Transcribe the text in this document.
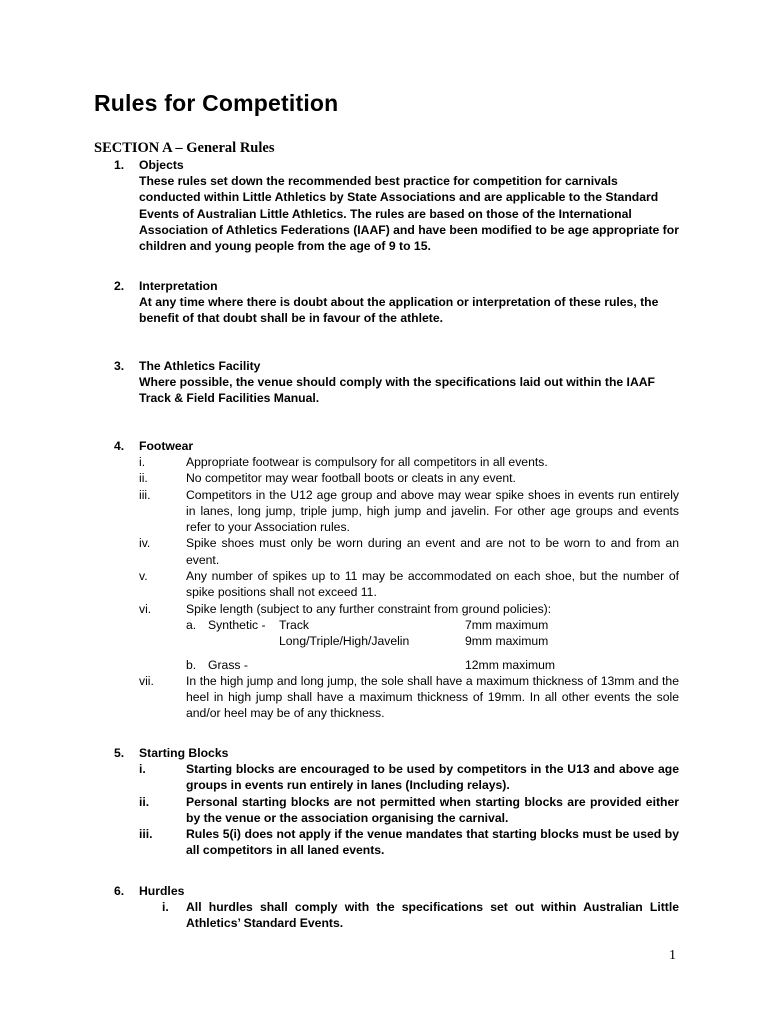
Rules for Competition
SECTION A – General Rules
1.	Objects
These rules set down the recommended best practice for competition for carnivals conducted within Little Athletics by State Associations and are applicable to the Standard Events of Australian Little Athletics. The rules are based on those of the International Association of Athletics Federations (IAAF) and have been modified to be age appropriate for children and young people from the age of 9 to 15.
2.	Interpretation
At any time where there is doubt about the application or interpretation of these rules, the benefit of that doubt shall be in favour of the athlete.
3.	The Athletics Facility
Where possible, the venue should comply with the specifications laid out within the IAAF Track & Field Facilities Manual.
4.	Footwear
i.	Appropriate footwear is compulsory for all competitors in all events.
ii.	No competitor may wear football boots or cleats in any event.
iii.	Competitors in the U12 age group and above may wear spike shoes in events run entirely in lanes, long jump, triple jump, high jump and javelin. For other age groups and events refer to your Association rules.
iv.	Spike shoes must only be worn during an event and are not to be worn to and from an event.
v.	Any number of spikes up to 11 may be accommodated on each shoe, but the number of spike positions shall not exceed 11.
vi.	Spike length (subject to any further constraint from ground policies):
a. Synthetic - Track	7mm maximum
Long/Triple/High/Javelin	9mm maximum
b. Grass -	12mm maximum
vii.	In the high jump and long jump, the sole shall have a maximum thickness of 13mm and the heel in high jump shall have a maximum thickness of 19mm. In all other events the sole and/or heel may be of any thickness.
5.	Starting Blocks
i.	Starting blocks are encouraged to be used by competitors in the U13 and above age groups in events run entirely in lanes (Including relays).
ii.	Personal starting blocks are not permitted when starting blocks are provided either by the venue or the association organising the carnival.
iii.	Rules 5(i) does not apply if the venue mandates that starting blocks must be used by all competitors in all laned events.
6.	Hurdles
i. All hurdles shall comply with the specifications set out within Australian Little Athletics’ Standard Events.
1
